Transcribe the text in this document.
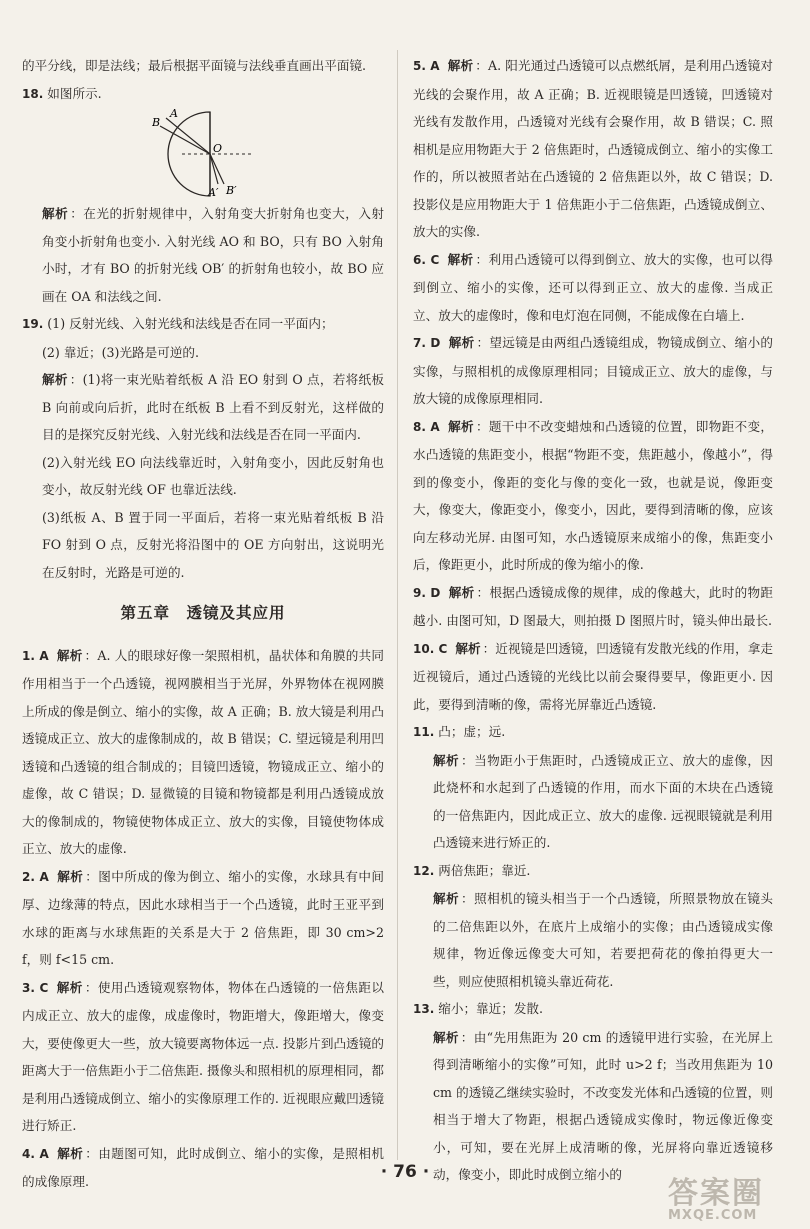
的平分线，即是法线；最后根据平面镜与法线垂直画出平面镜.

18. 如图所示.

B
A
O
A′ B′

解析 ：在光的折射规律中，入射角变大折射角也变大，入射角变小折射角也变小. 入射光线 AO 和 BO，只有 BO 入射角小时，才有 BO 的折射光线 OB′ 的折射角也较小，故 BO 应画在 OA 和法线之间.

19. (1) 反射光线、入射光线和法线是否在同一平面内；

(2) 靠近；(3)光路是可逆的.

解析 ：(1)将一束光贴着纸板 A 沿 EO 射到 O 点，若将纸板 B 向前或向后折，此时在纸板 B 上看不到反射光，这样做的目的是探究反射光线、入射光线和法线是否在同一平面内.

(2)入射光线 EO 向法线靠近时，入射角变小，因此反射角也变小，故反射光线 OF 也靠近法线.

(3)纸板 A、B 置于同一平面后，若将一束光贴着纸板 B 沿 FO 射到 O 点，反射光将沿图中的 OE 方向射出，这说明光在反射时，光路是可逆的.

第五章　透镜及其应用

1. A 解析 ：A. 人的眼球好像一架照相机，晶状体和角膜的共同作用相当于一个凸透镜，视网膜相当于光屏，外界物体在视网膜上所成的像是倒立、缩小的实像，故 A 正确；B. 放大镜是利用凸透镜成正立、放大的虚像制成的，故 B 错误；C. 望远镜是利用凹透镜和凸透镜的组合制成的；目镜凹透镜，物镜成正立、缩小的虚像，故 C 错误；D. 显微镜的目镜和物镜都是利用凸透镜成放大的像制成的，物镜使物体成正立、放大的实像，目镜使物体成正立、放大的虚像.

2. A 解析 ：图中所成的像为倒立、缩小的实像，水球具有中间厚、边缘薄的特点，因此水球相当于一个凸透镜，此时王亚平到水球的距离与水球焦距的关系是大于 2 倍焦距，即 30 cm>2 f，则 f<15 cm.

3. C 解析 ：使用凸透镜观察物体，物体在凸透镜的一倍焦距以内成正立、放大的虚像，成虚像时，物距增大，像距增大，像变大，要使像更大一些，放大镜要离物体远一点. 投影片到凸透镜的距离大于一倍焦距小于二倍焦距. 摄像头和照相机的原理相同，都是利用凸透镜成倒立、缩小的实像原理工作的. 近视眼应戴凹透镜进行矫正.

4. A 解析 ：由题图可知，此时成倒立、缩小的实像，是照相机的成像原理.

5. A 解析 ：A. 阳光通过凸透镜可以点燃纸屑，是利用凸透镜对光线的会聚作用，故 A 正确；B. 近视眼镜是凹透镜，凹透镜对光线有发散作用，凸透镜对光线有会聚作用，故 B 错误；C. 照相机是应用物距大于 2 倍焦距时，凸透镜成倒立、缩小的实像工作的，所以被照者站在凸透镜的 2 倍焦距以外，故 C 错误；D. 投影仪是应用物距大于 1 倍焦距小于二倍焦距，凸透镜成倒立、放大的实像.

6. C 解析 ：利用凸透镜可以得到倒立、放大的实像，也可以得到倒立、缩小的实像，还可以得到正立、放大的虚像. 当成正立、放大的虚像时，像和电灯泡在同侧，不能成像在白墙上.

7. D 解析 ：望远镜是由两组凸透镜组成，物镜成倒立、缩小的实像，与照相机的成像原理相同；目镜成正立、放大的虚像，与放大镜的成像原理相同.

8. A 解析 ：题干中不改变蜡烛和凸透镜的位置，即物距不变，水凸透镜的焦距变小，根据“物距不变，焦距越小，像越小”，得到的像变小，像距的变化与像的变化一致，也就是说，像距变大，像变大，像距变小，像变小，因此，要得到清晰的像，应该向左移动光屏. 由图可知，水凸透镜原来成缩小的像，焦距变小后，像距更小，此时所成的像为缩小的像.

9. D 解析 ：根据凸透镜成像的规律，成的像越大，此时的物距越小. 由图可知，D 图最大，则拍摄 D 图照片时，镜头伸出最长.

10. C 解析 ：近视镜是凹透镜，凹透镜有发散光线的作用，拿走近视镜后，通过凸透镜的光线比以前会聚得要早，像距更小. 因此，要得到清晰的像，需将光屏靠近凸透镜.

11. 凸；虚；远.

解析 ：当物距小于焦距时，凸透镜成正立、放大的虚像，因此烧杯和水起到了凸透镜的作用，而水下面的木块在凸透镜的一倍焦距内，因此成正立、放大的虚像. 远视眼镜就是利用凸透镜来进行矫正的.

12. 两倍焦距；靠近.

解析 ：照相机的镜头相当于一个凸透镜，所照景物放在镜头的二倍焦距以外，在底片上成缩小的实像；由凸透镜成实像规律，物近像远像变大可知，若要把荷花的像拍得更大一些，则应使照相机镜头靠近荷花.

13. 缩小；靠近；发散.

解析 ：由“先用焦距为 20 cm 的透镜甲进行实验，在光屏上得到清晰缩小的实像”可知，此时 u>2 f；当改用焦距为 10 cm 的透镜乙继续实验时，不改变发光体和凸透镜的位置，则相当于增大了物距，根据凸透镜成实像时，物远像近像变小，可知，要在光屏上成清晰的像，光屏将向靠近透镜移动，像变小，即此时成倒立缩小的

· 76 ·
答案圈
MXQE.COM
